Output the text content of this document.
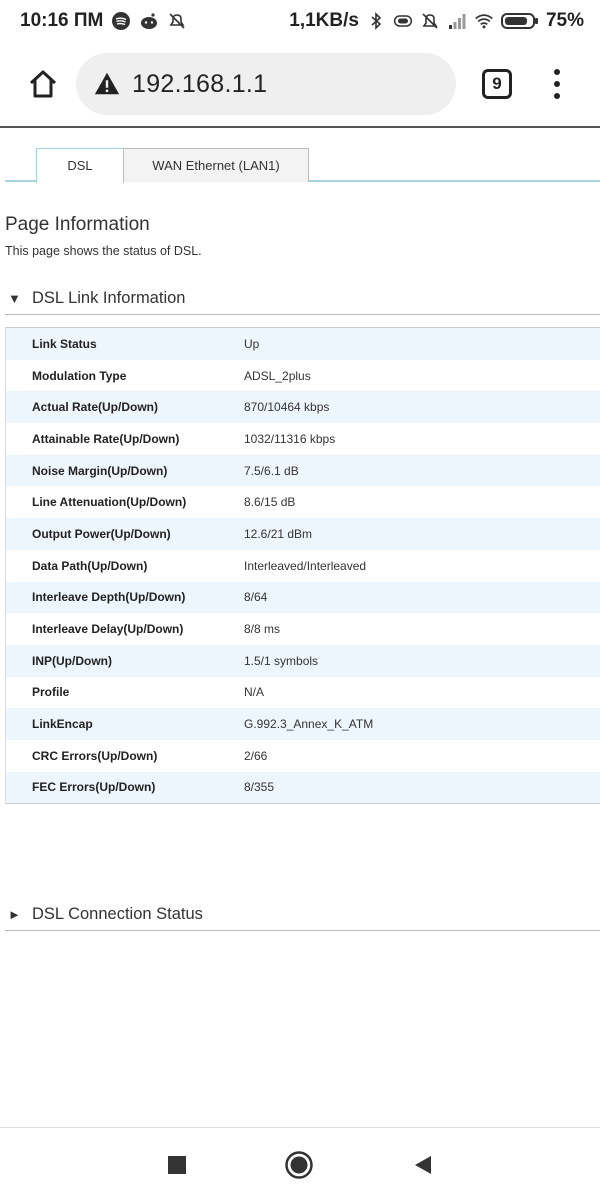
10:16 ПМ	1,1KB/s	75%
192.168.1.1	9
DSL	WAN Ethernet (LAN1)
Page Information
This page shows the status of DSL.
▼ DSL Link Information
Link Status	Up
Modulation Type	ADSL_2plus
Actual Rate(Up/Down)	870/10464 kbps
Attainable Rate(Up/Down)	1032/11316 kbps
Noise Margin(Up/Down)	7.5/6.1 dB
Line Attenuation(Up/Down)	8.6/15 dB
Output Power(Up/Down)	12.6/21 dBm
Data Path(Up/Down)	Interleaved/Interleaved
Interleave Depth(Up/Down)	8/64
Interleave Delay(Up/Down)	8/8 ms
INP(Up/Down)	1.5/1 symbols
Profile	N/A
LinkEncap	G.992.3_Annex_K_ATM
CRC Errors(Up/Down)	2/66
FEC Errors(Up/Down)	8/355
► DSL Connection Status
